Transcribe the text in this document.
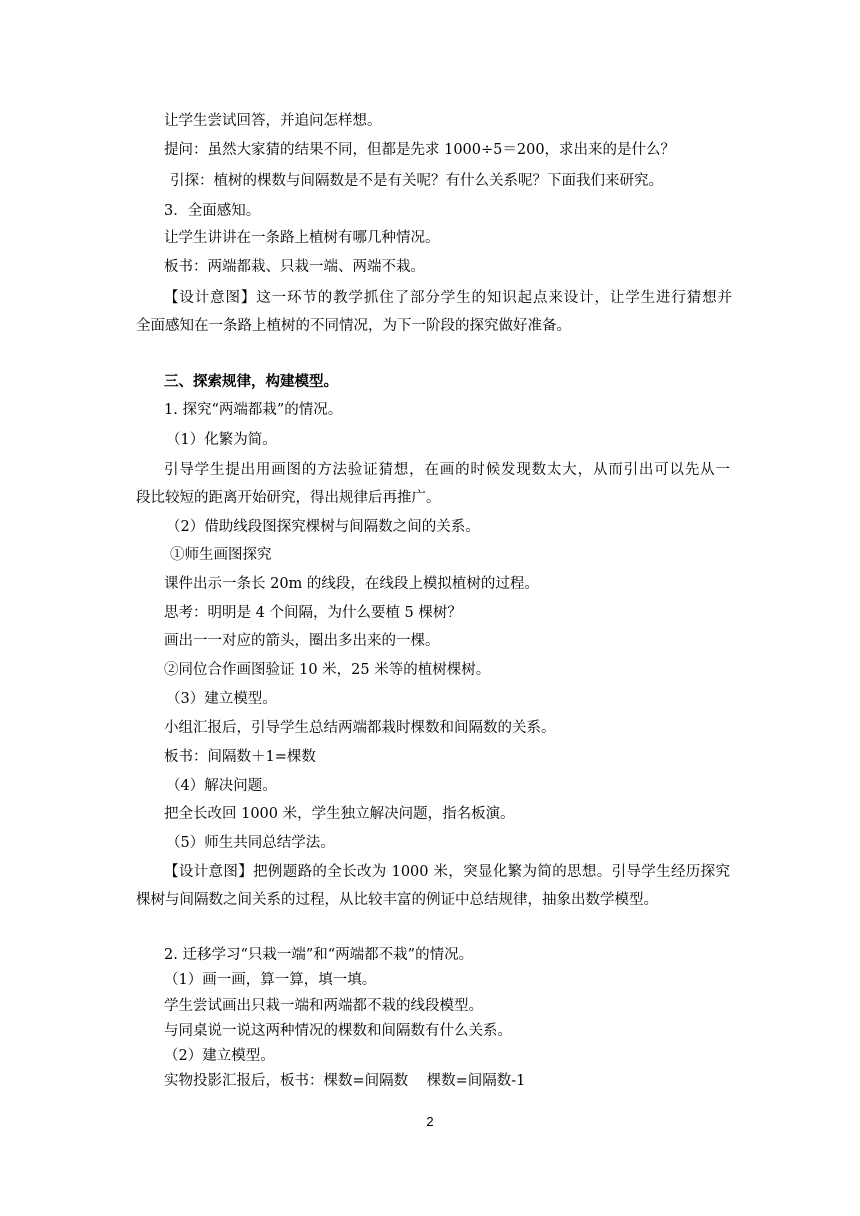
让学生尝试回答，并追问怎样想。
提问：虽然大家猜的结果不同，但都是先求 1000÷5＝200，求出来的是什么？
引探：植树的棵数与间隔数是不是有关呢？有什么关系呢？下面我们来研究。
3．全面感知。
让学生讲讲在一条路上植树有哪几种情况。
板书：两端都栽、只栽一端、两端不栽。
【设计意图】这一环节的教学抓住了部分学生的知识起点来设计，让学生进行猜想并
全面感知在一条路上植树的不同情况，为下一阶段的探究做好准备。
三、探索规律，构建模型。
1. 探究“两端都栽”的情况。
（1）化繁为简。
引导学生提出用画图的方法验证猜想，在画的时候发现数太大，从而引出可以先从一
段比较短的距离开始研究，得出规律后再推广。
（2）借助线段图探究棵树与间隔数之间的关系。
①师生画图探究
课件出示一条长 20m 的线段，在线段上模拟植树的过程。
思考：明明是 4 个间隔，为什么要植 5 棵树？
画出一一对应的箭头，圈出多出来的一棵。
②同位合作画图验证 10 米，25 米等的植树棵树。
（3）建立模型。
小组汇报后，引导学生总结两端都栽时棵数和间隔数的关系。
板书：间隔数＋1=棵数
（4）解决问题。
把全长改回 1000 米，学生独立解决问题，指名板演。
（5）师生共同总结学法。
【设计意图】把例题路的全长改为 1000 米，突显化繁为简的思想。引导学生经历探究
棵树与间隔数之间关系的过程，从比较丰富的例证中总结规律，抽象出数学模型。
2. 迁移学习“只栽一端”和“两端都不栽”的情况。
（1）画一画，算一算，填一填。
学生尝试画出只栽一端和两端都不栽的线段模型。
与同桌说一说这两种情况的棵数和间隔数有什么关系。
（2）建立模型。
实物投影汇报后，板书：棵数=间隔数    棵数=间隔数-1
2
